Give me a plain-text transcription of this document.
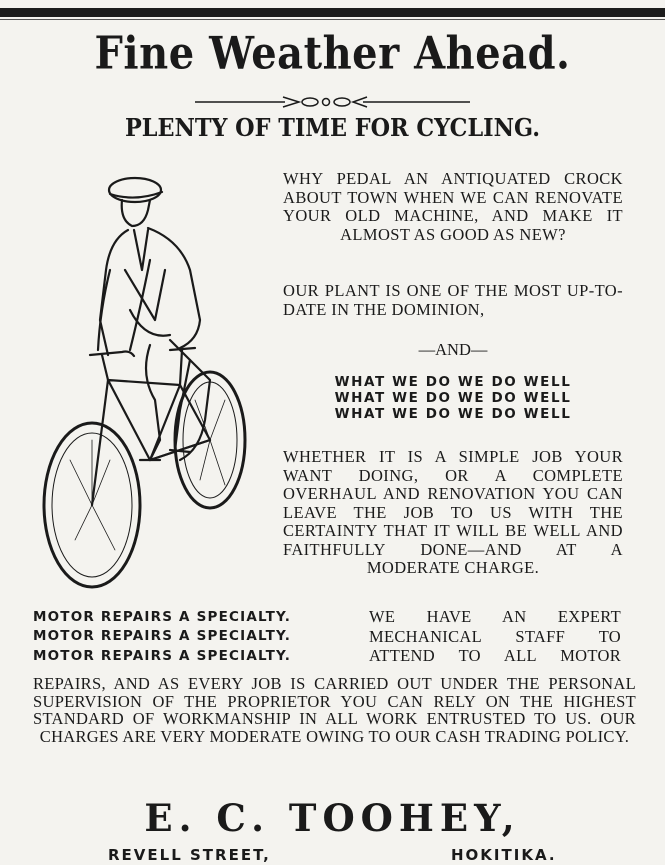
Fine Weather Ahead.
PLENTY OF TIME FOR CYCLING.
WHY PEDAL AN ANTIQUATED CROCK ABOUT TOWN WHEN WE CAN RENOVATE YOUR OLD MACHINE, AND MAKE IT ALMOST AS GOOD AS NEW?
OUR PLANT IS ONE OF THE MOST UP-TO-DATE IN THE DOMINION,
—AND—
WHAT WE DO WE DO WELL
WHAT WE DO WE DO WELL
WHAT WE DO WE DO WELL
WHETHER IT IS A SIMPLE JOB YOUR WANT DOING, OR A COMPLETE OVERHAUL AND RENOVATION YOU CAN LEAVE THE JOB TO US WITH THE CERTAINTY THAT IT WILL BE WELL AND FAITHFULLY DONE—AND AT A MODERATE CHARGE.
MOTOR REPAIRS A SPECIALTY.
MOTOR REPAIRS A SPECIALTY.
MOTOR REPAIRS A SPECIALTY.
WE HAVE AN EXPERT MECHANICAL STAFF TO ATTEND TO ALL MOTOR
REPAIRS, AND AS EVERY JOB IS CARRIED OUT UNDER THE PERSONAL SUPERVISION OF THE PROPRIETOR YOU CAN RELY ON THE HIGHEST STANDARD OF WORKMANSHIP IN ALL WORK ENTRUSTED TO US. OUR CHARGES ARE VERY MODERATE OWING TO OUR CASH TRADING POLICY.
E. C. TOOHEY,
REVELL STREET,	HOKITIKA.
